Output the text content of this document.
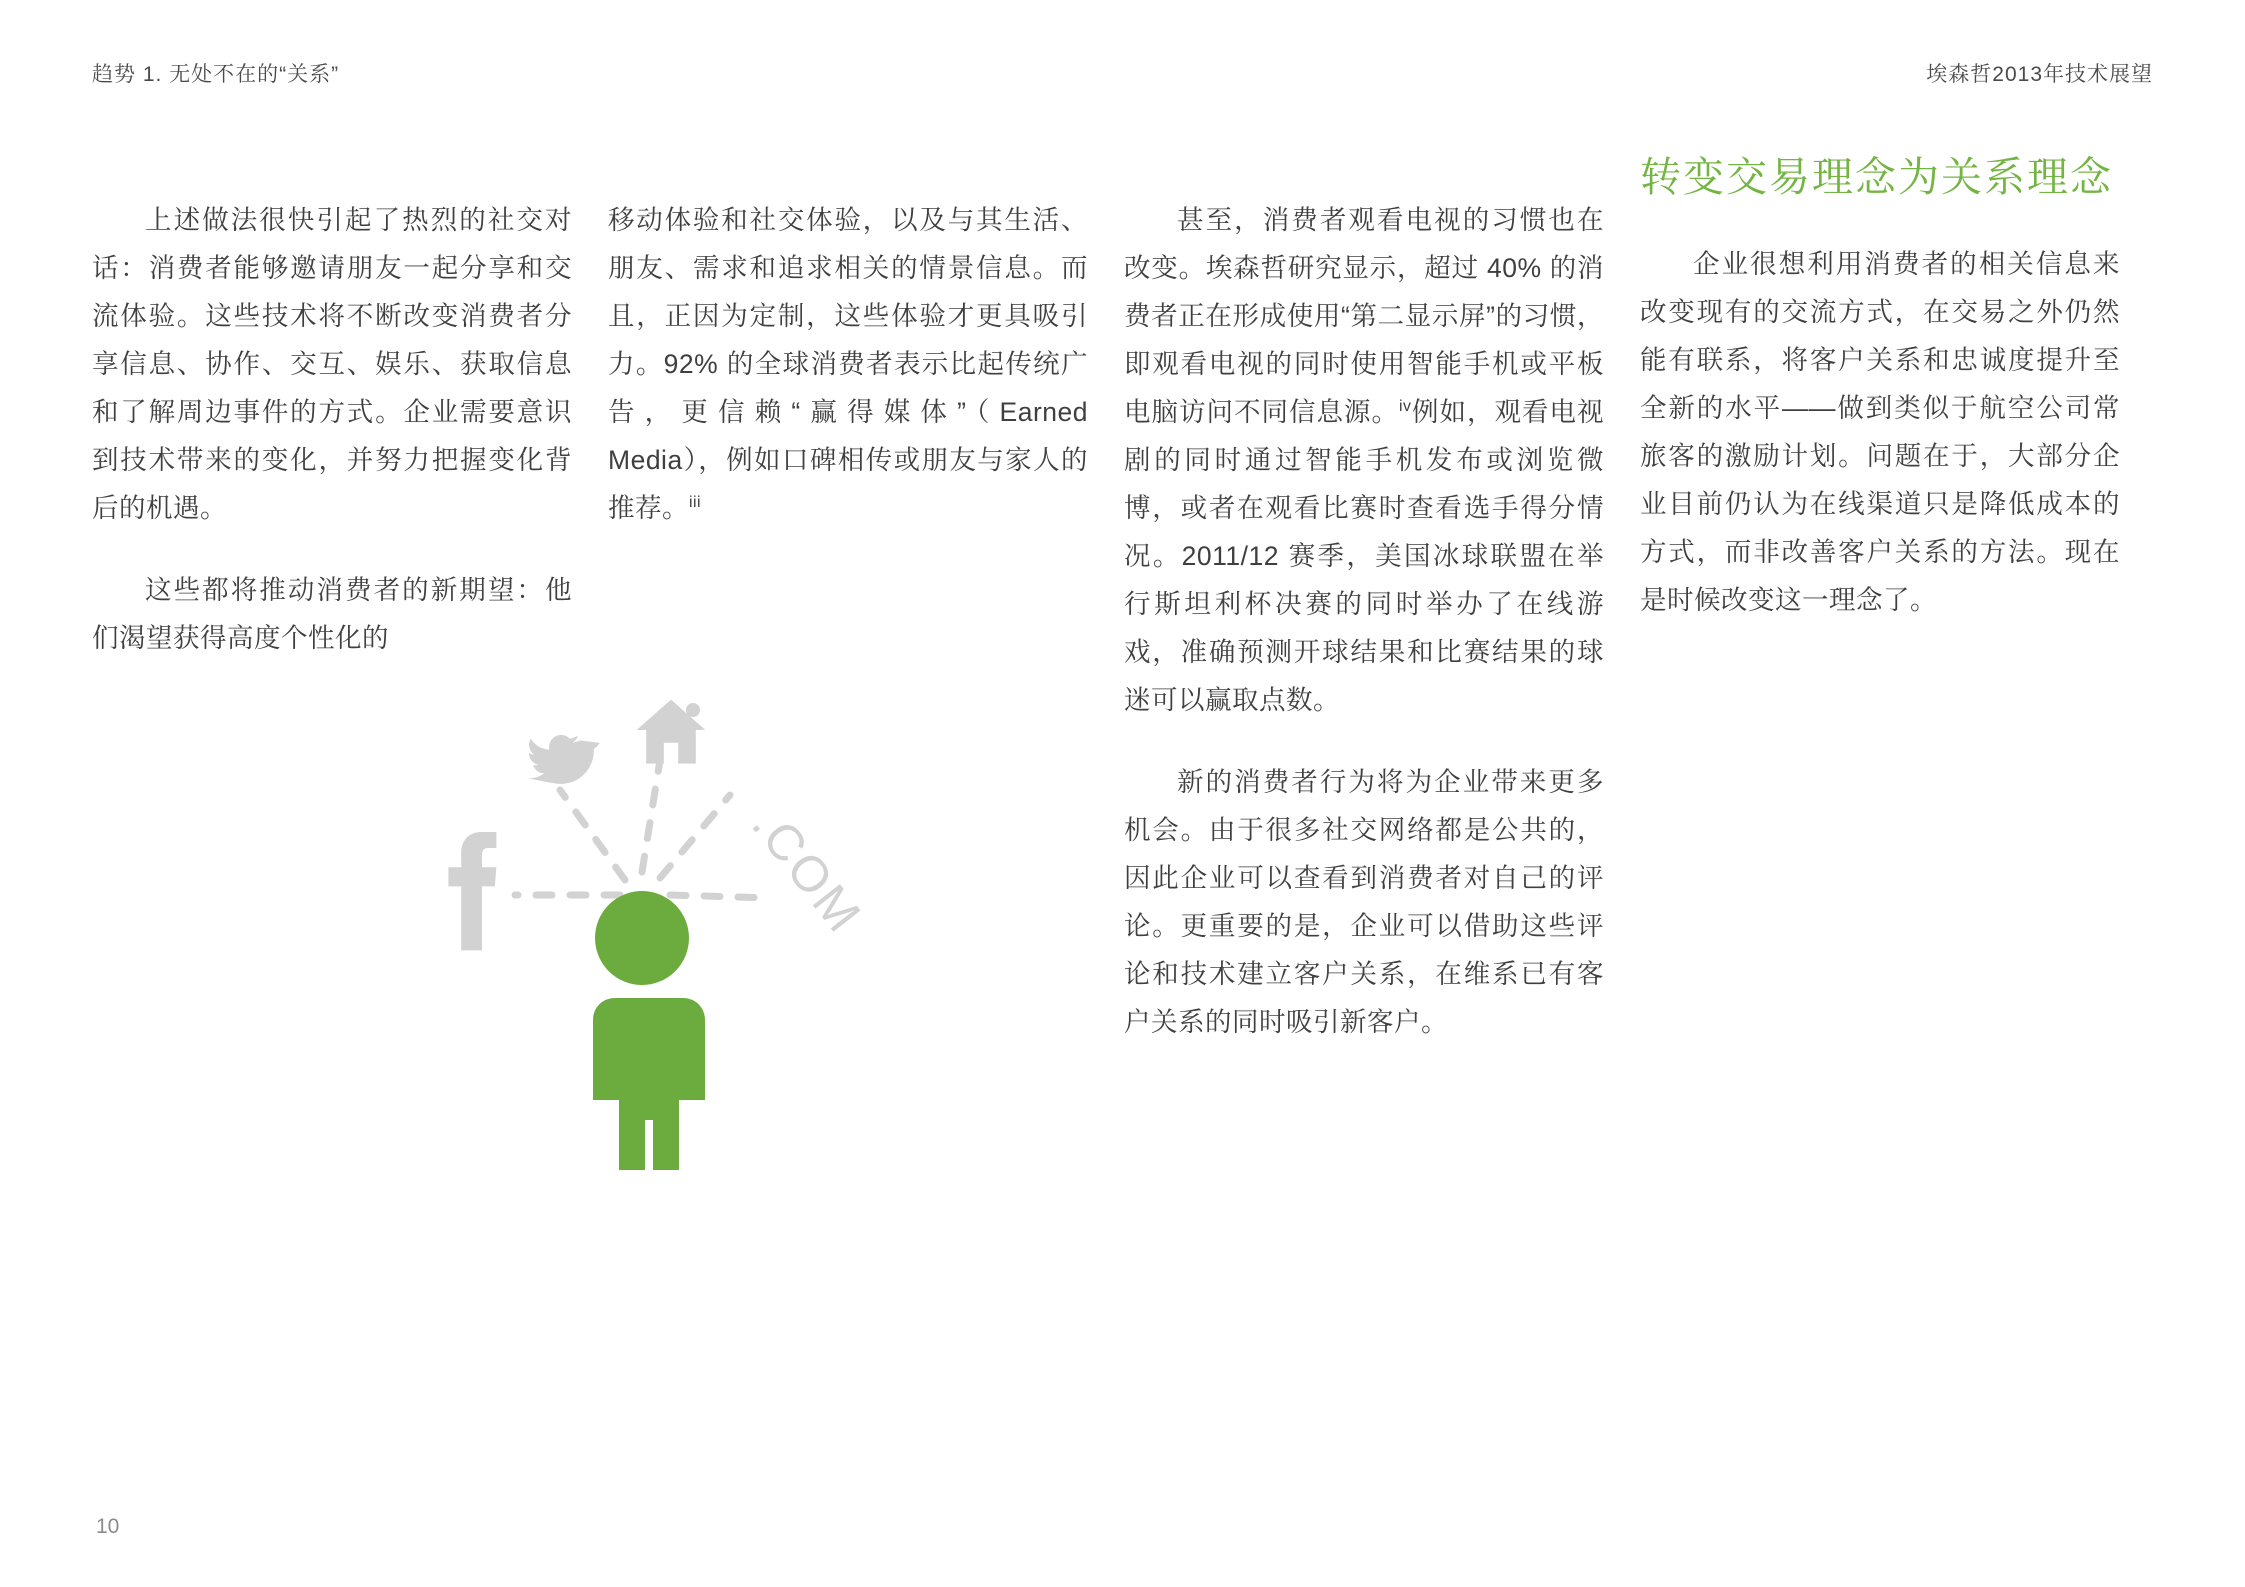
趋势 1. 无处不在的“关系”	埃森哲2013年技术展望

上述做法很快引起了热烈的社交对话：消费者能够邀请朋友一起分享和交流体验。这些技术将不断改变消费者分享信息、协作、交互、娱乐、获取信息和了解周边事件的方式。企业需要意识到技术带来的变化，并努力把握变化背后的机遇。

这些都将推动消费者的新期望：他们渴望获得高度个性化的

移动体验和社交体验，以及与其生活、朋友、需求和追求相关的情景信息。而且，正因为定制，这些体验才更具吸引力。92% 的全球消费者表示比起传统广告，更信赖“赢得媒体”（Earned Media），例如口碑相传或朋友与家人的推荐。$^{iii}$

甚至，消费者观看电视的习惯也在改变。埃森哲研究显示，超过 40% 的消费者正在形成使用“第二显示屏”的习惯，即观看电视的同时使用智能手机或平板电脑访问不同信息源。$^{iv}$例如，观看电视剧的同时通过智能手机发布或浏览微博，或者在观看比赛时查看选手得分情况。2011/12 赛季，美国冰球联盟在举行斯坦利杯决赛的同时举办了在线游戏，准确预测开球结果和比赛结果的球迷可以赢取点数。

新的消费者行为将为企业带来更多机会。由于很多社交网络都是公共的，因此企业可以查看到消费者对自己的评论。更重要的是，企业可以借助这些评论和技术建立客户关系，在维系已有客户关系的同时吸引新客户。

转变交易理念为关系理念

企业很想利用消费者的相关信息来改变现有的交流方式，在交易之外仍然能有联系，将客户关系和忠诚度提升至全新的水平——做到类似于航空公司常旅客的激励计划。问题在于，大部分企业目前仍认为在线渠道只是降低成本的方式，而非改善客户关系的方法。现在是时候改变这一理念了。

.COM
10
